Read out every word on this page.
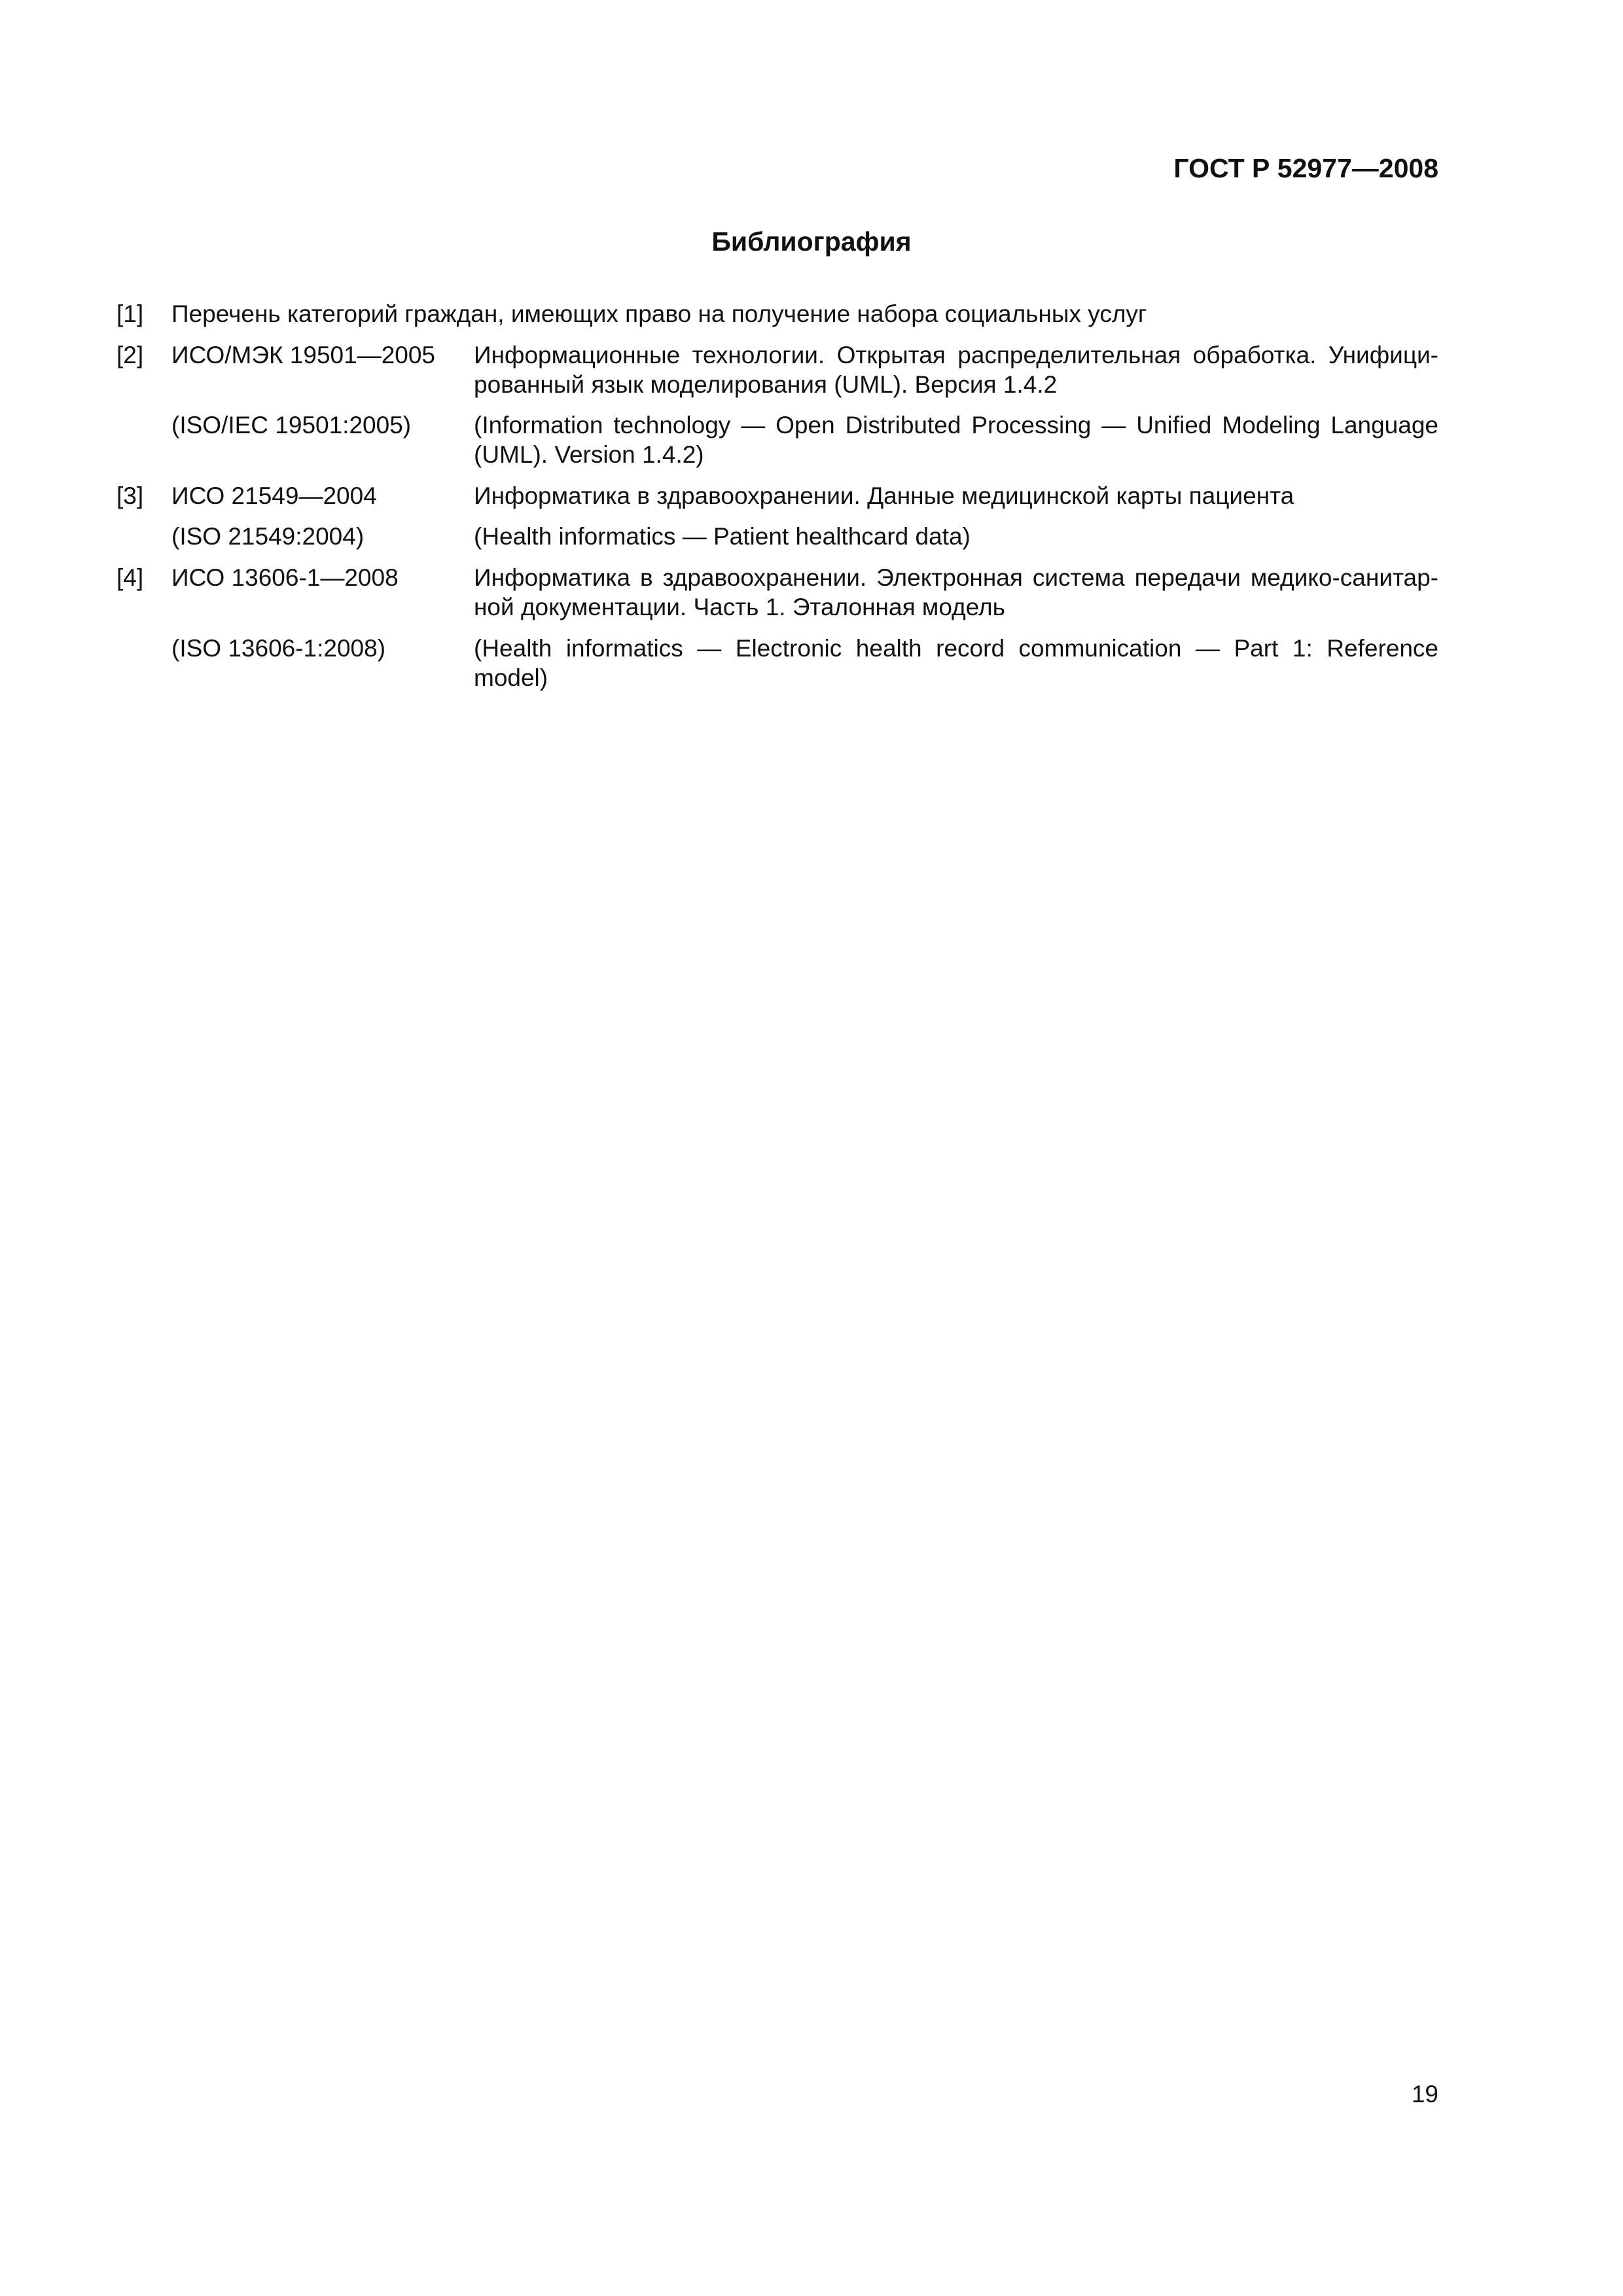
ГОСТ Р 52977—2008
Библиография
[1] Перечень категорий граждан, имеющих право на получение набора социальных услуг
[2] ИСО/МЭК 19501—2005 Информационные технологии. Открытая распределительная обработка. Унифици-рованный язык моделирования (UML). Версия 1.4.2
(ISO/IEC 19501:2005)	(Information technology — Open Distributed Processing — Unified Modeling Language (UML). Version 1.4.2)
[3] ИСО 21549—2004	Информатика в здравоохранении. Данные медицинской карты пациента
(ISO 21549:2004)	(Health informatics — Patient healthcard data)
[4] ИСО 13606-1—2008	Информатика в здравоохранении. Электронная система передачи медико-санитар-ной документации. Часть 1. Эталонная модель
(ISO 13606-1:2008)	(Health informatics — Electronic health record communication — Part 1: Reference model)
19
